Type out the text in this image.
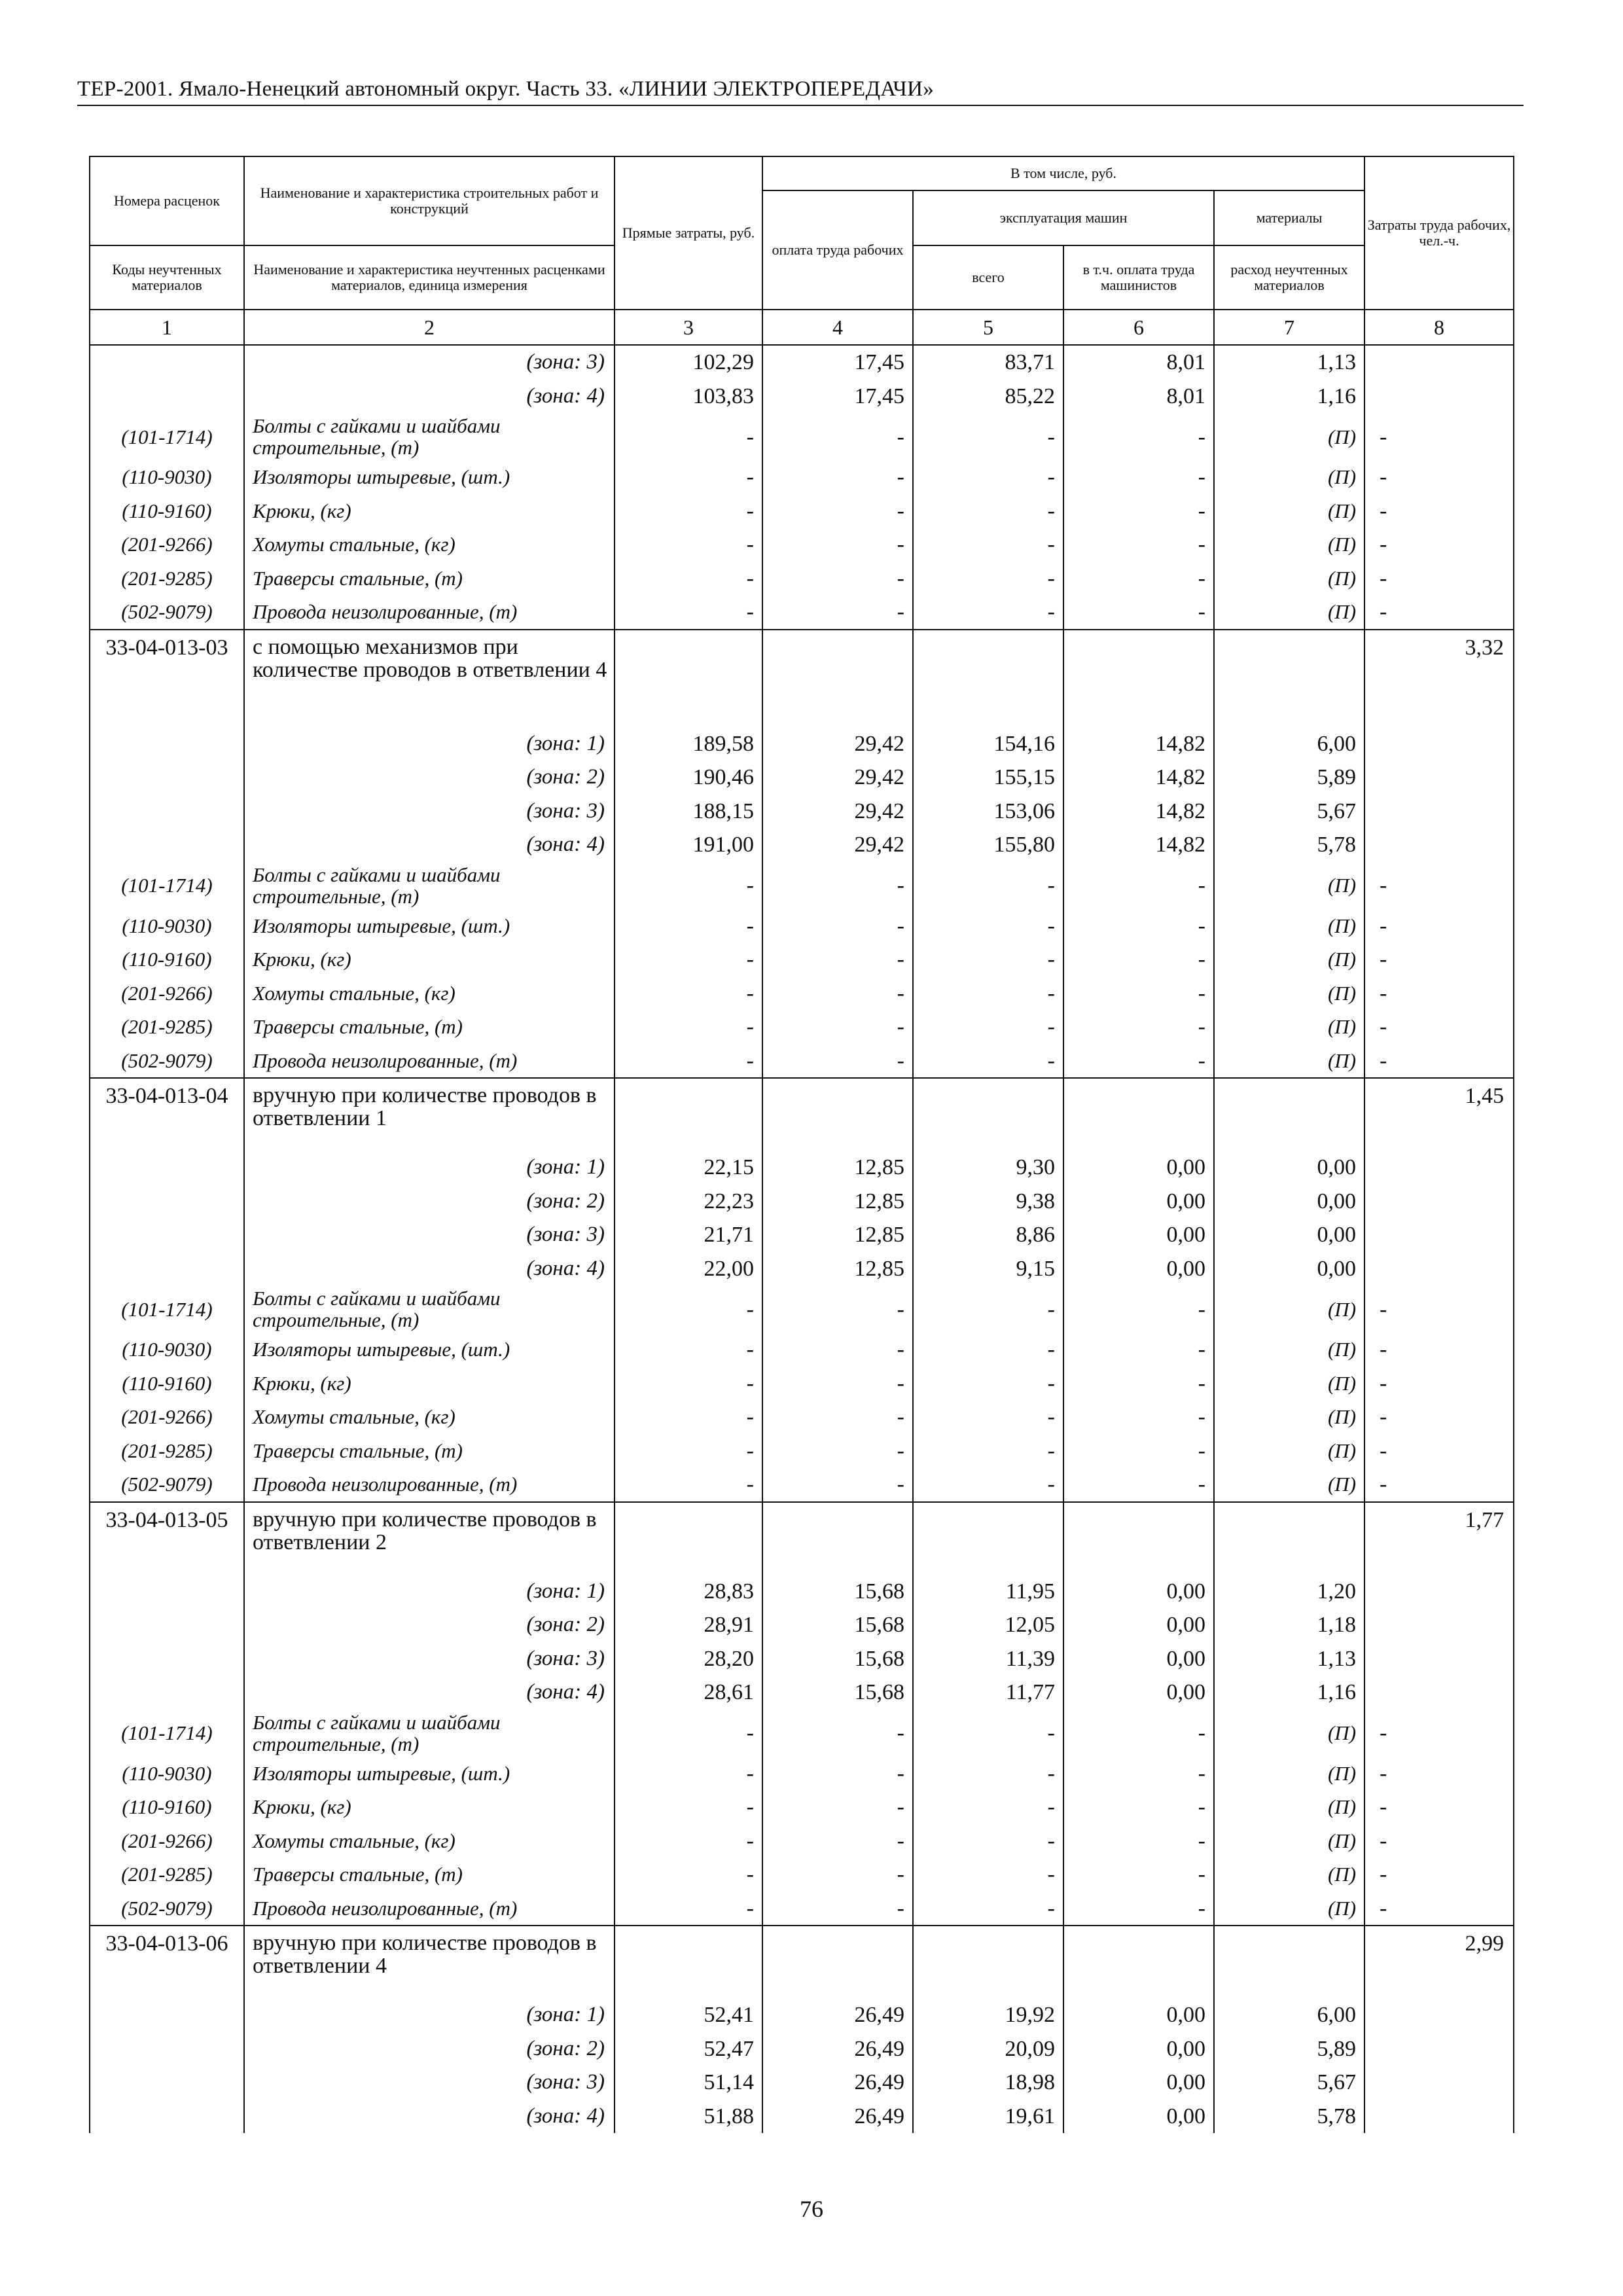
ТЕР-2001. Ямало-Ненецкий автономный округ. Часть 33. «ЛИНИИ ЭЛЕКТРОПЕРЕДАЧИ»
Номера расценок	Наименование и характеристика строительных работ и конструкций	Прямые затраты, руб.	В том числе, руб.				Затраты труда рабочих, чел.-ч.
			оплата труда рабочих	эксплуатация машин		материалы	
Коды неучтенных материалов	Наименование и характеристика неучтенных расценками материалов, единица измерения			всего	в т.ч. оплата труда машинистов	расход неучтенных материалов	
1	2	3	4	5	6	7	8
	(зона: 3)	102,29	17,45	83,71	8,01	1,13	
	(зона: 4)	103,83	17,45	85,22	8,01	1,16	
(101-1714)	Болты с гайками и шайбами строительные, (т)	-	-	-	-	(П)	-
(110-9030)	Изоляторы штыревые, (шт.)	-	-	-	-	(П)	-
(110-9160)	Крюки, (кг)	-	-	-	-	(П)	-
(201-9266)	Хомуты стальные, (кг)	-	-	-	-	(П)	-
(201-9285)	Траверсы стальные, (т)	-	-	-	-	(П)	-
(502-9079)	Провода неизолированные, (т)	-	-	-	-	(П)	-
33-04-013-03	с помощью механизмов при количестве проводов в ответвлении 4						3,32
	(зона: 1)	189,58	29,42	154,16	14,82	6,00	
	(зона: 2)	190,46	29,42	155,15	14,82	5,89	
	(зона: 3)	188,15	29,42	153,06	14,82	5,67	
	(зона: 4)	191,00	29,42	155,80	14,82	5,78	
(101-1714)	Болты с гайками и шайбами строительные, (т)	-	-	-	-	(П)	-
(110-9030)	Изоляторы штыревые, (шт.)	-	-	-	-	(П)	-
(110-9160)	Крюки, (кг)	-	-	-	-	(П)	-
(201-9266)	Хомуты стальные, (кг)	-	-	-	-	(П)	-
(201-9285)	Траверсы стальные, (т)	-	-	-	-	(П)	-
(502-9079)	Провода неизолированные, (т)	-	-	-	-	(П)	-
33-04-013-04	вручную при количестве проводов в ответвлении 1						1,45
	(зона: 1)	22,15	12,85	9,30	0,00	0,00	
	(зона: 2)	22,23	12,85	9,38	0,00	0,00	
	(зона: 3)	21,71	12,85	8,86	0,00	0,00	
	(зона: 4)	22,00	12,85	9,15	0,00	0,00	
(101-1714)	Болты с гайками и шайбами строительные, (т)	-	-	-	-	(П)	-
(110-9030)	Изоляторы штыревые, (шт.)	-	-	-	-	(П)	-
(110-9160)	Крюки, (кг)	-	-	-	-	(П)	-
(201-9266)	Хомуты стальные, (кг)	-	-	-	-	(П)	-
(201-9285)	Траверсы стальные, (т)	-	-	-	-	(П)	-
(502-9079)	Провода неизолированные, (т)	-	-	-	-	(П)	-
33-04-013-05	вручную при количестве проводов в ответвлении 2						1,77
	(зона: 1)	28,83	15,68	11,95	0,00	1,20	
	(зона: 2)	28,91	15,68	12,05	0,00	1,18	
	(зона: 3)	28,20	15,68	11,39	0,00	1,13	
	(зона: 4)	28,61	15,68	11,77	0,00	1,16	
(101-1714)	Болты с гайками и шайбами строительные, (т)	-	-	-	-	(П)	-
(110-9030)	Изоляторы штыревые, (шт.)	-	-	-	-	(П)	-
(110-9160)	Крюки, (кг)	-	-	-	-	(П)	-
(201-9266)	Хомуты стальные, (кг)	-	-	-	-	(П)	-
(201-9285)	Траверсы стальные, (т)	-	-	-	-	(П)	-
(502-9079)	Провода неизолированные, (т)	-	-	-	-	(П)	-
33-04-013-06	вручную при количестве проводов в ответвлении 4						2,99
	(зона: 1)	52,41	26,49	19,92	0,00	6,00	
	(зона: 2)	52,47	26,49	20,09	0,00	5,89	
	(зона: 3)	51,14	26,49	18,98	0,00	5,67	
	(зона: 4)	51,88	26,49	19,61	0,00	5,78	
76
